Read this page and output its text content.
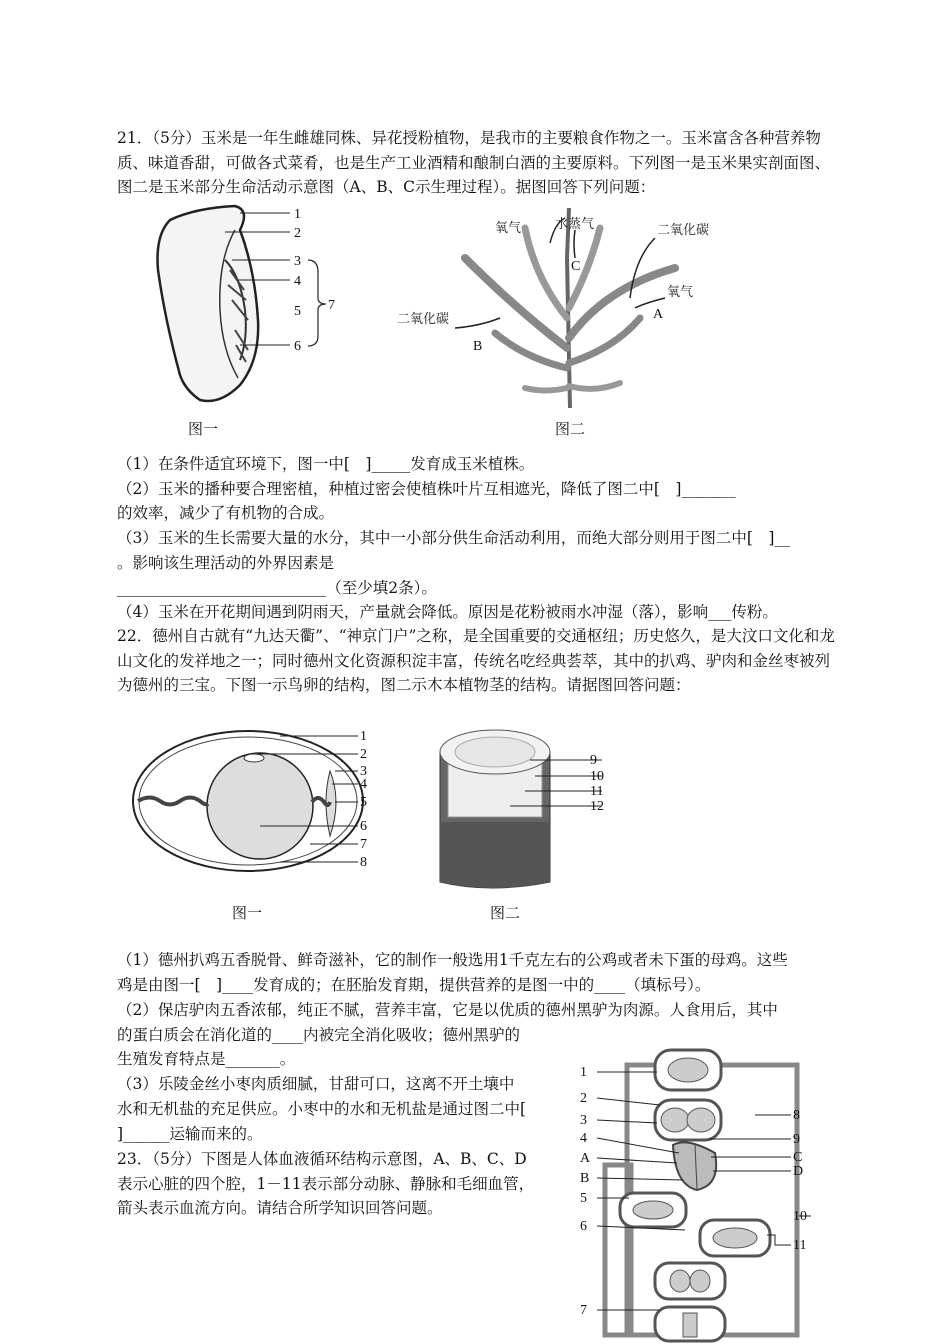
21．（5分）玉米是一年生雌雄同株、异花授粉植物，是我市的主要粮食作物之一。玉米富含各种营养物质、味道香甜，可做各式菜肴，也是生产工业酒精和酿制白酒的主要原料。下列图一是玉米果实剖面图、图二是玉米部分生命活动示意图（A、B、C示生理过程）。据图回答下列问题：
1
2
3
4
5
6
7
图一
氧气	水蒸气	二氧化碳
氧气
二氧化碳	A
B
C
图二
（1）在条件适宜环境下，图一中[　]_____发育成玉米植株。
（2）玉米的播种要合理密植，种植过密会使植株叶片互相遮光，降低了图二中[　]_______
的效率，减少了有机物的合成。
（3）玉米的生长需要大量的水分，其中一小部分供生命活动利用，而绝大部分则用于图二中[　]__
。影响该生理活动的外界因素是
___________________________（至少填2条）。
（4）玉米在开花期间遇到阴雨天，产量就会降低。原因是花粉被雨水冲湿（落），影响___传粉。
22．德州自古就有“九达天衢”、“神京门户”之称，是全国重要的交通枢纽；历史悠久，是大汶口文化和龙山文化的发祥地之一；同时德州文化资源积淀丰富，传统名吃经典荟萃，其中的扒鸡、驴肉和金丝枣被列为德州的三宝。下图一示鸟卵的结构，图二示木本植物茎的结构。请据图回答问题：
1
2
3
4
5
6
7
8
图一
9
10
11
12
图二
（1）德州扒鸡五香脱骨、鲜奇滋补，它的制作一般选用1千克左右的公鸡或者未下蛋的母鸡。这些
鸡是由图一[　]____发育成的；在胚胎发育期，提供营养的是图一中的____（填标号）。
（2）保店驴肉五香浓郁，纯正不腻，营养丰富，它是以优质的德州黑驴为肉源。人食用后，其中
的蛋白质会在消化道的____内被完全消化吸收；德州黑驴的
生殖发育特点是_______。
（3）乐陵金丝小枣肉质细腻，甘甜可口，这离不开土壤中
水和无机盐的充足供应。小枣中的水和无机盐是通过图二中[
]______运输而来的。
23．（5分）下图是人体血液循环结构示意图，A、B、C、D
表示心脏的四个腔，1－11表示部分动脉、静脉和毛细血管，
箭头表示血流方向。请结合所学知识回答问题。
1
2
3
4
A
B
5
6
7
8
9
C
D
10
11
